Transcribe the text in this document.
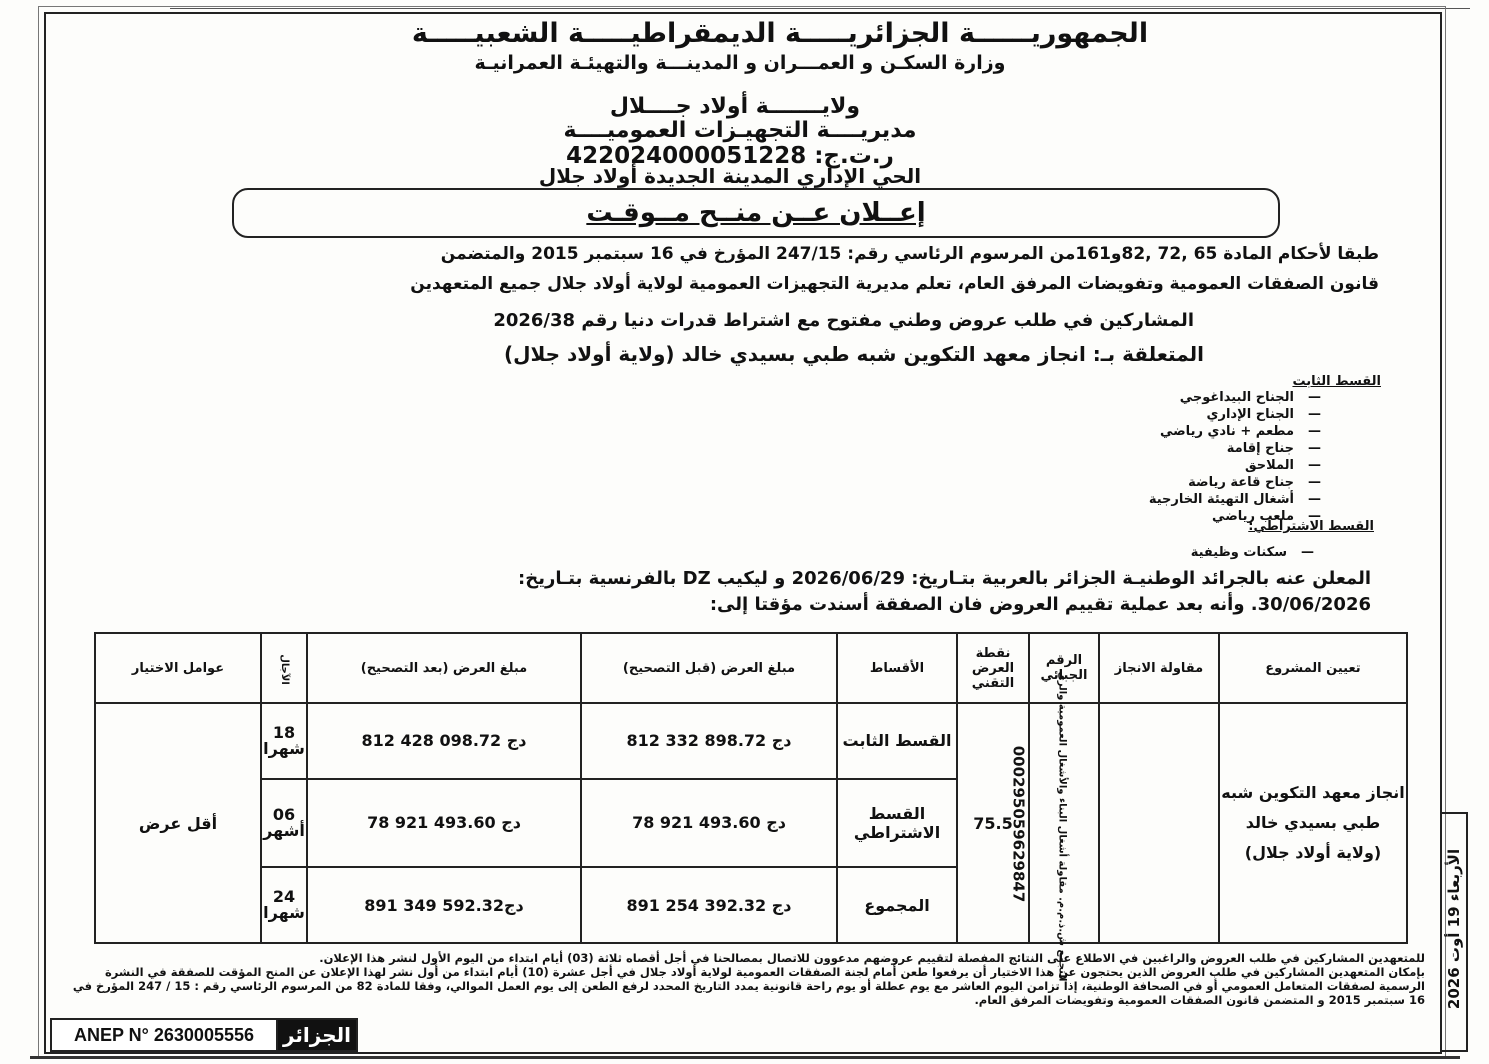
الجمهوريــــــة الجزائريـــــة الديمقراطيـــــة الشعبيـــــة
وزارة السكـن و العمـــران و المدينـــة والتهيئـة العمرانيـة
ولايـــــــة أولاد جــــلال
مديريــــة التجهيـزات العموميــــة
ر.ت.ج: 422024000051228
الحي الإداري المدينة الجديدة أولاد جلال
إعــلان عــن منــح مــوقـت
طبقا لأحكام المادة 65 ,72 ,82و161من المرسوم الرئاسي رقم: 247/15 المؤرخ في 16 سبتمبر 2015 والمتضمن
قانون الصفقات العمومية وتفويضات المرفق العام، تعلم مديرية التجهيزات العمومية لولاية أولاد جلال جميع المتعهدين
المشاركين في طلب عروض وطني مفتوح مع اشتراط قدرات دنيا رقم 2026/38
المتعلقة بـ: انجاز معهد التكوين شبه طبي بسيدي خالد (ولاية أولاد جلال)
القسط الثابت
— الجناح البيداغوجي
— الجناح الإداري
— مطعم + نادي رياضي
— جناح إقامة
— الملاحق
— جناح قاعة رياضة
— أشغال التهيئة الخارجية
— ملعب رياضي
القسط الاشتراطي:
— سكنات وظيفية
المعلن عنه بالجرائد الوطنيـة الجزائر بالعربية بتـاريخ: 2026/06/29 و ليكيب DZ بالفرنسية بتـاريخ:
30/06/2026. وأنه بعد عملية تقييم العروض فان الصفقة أسندت مؤقتا إلى:
تعيين المشروع	مقاولة الانجاز	الرقم الجبائي	نقطة العرض التقني	الأقساط	مبلغ العرض (قبل التصحيح)	مبلغ العرض (بعد التصحيح)	الآجال	عوامل الاختيار
انجاز معهد التكوين شبه طبي بسيدي خالد (ولاية أولاد جلال)	التجمع ش.ذ.م.م. مقاولة أشغال البناء والأشغال العمومية والري	000295059629847	75.5	القسط الثابت	812 332 898.72 دج	812 428 098.72 دج	18 شهرا	أقل عرض
				القسط الاشتراطي	78 921 493.60 دج	78 921 493.60 دج	06 أشهر	
				المجموع	891 254 392.32 دج	891 349 592.32دج	24 شهرا	
للمتعهدين المشاركين في طلب العروض والراغبين في الاطلاع على النتائج المفصلة لتقييم عروضهم مدعوون للاتصال بمصالحنا في أجل أقصاه ثلاثة (03) أيام ابتداء من اليوم الأول لنشر هذا الإعلان.
بإمكان المتعهدين المشاركين في طلب العروض الذين يحتجون عن هذا الاختيار أن يرفعوا طعن أمام لجنة الصفقات العمومية لولاية أولاد جلال في أجل عشرة (10) أيام ابتداء من أول نشر لهذا الإعلان عن المنح المؤقت للصفقة في النشرة الرسمية لصفقات المتعامل العمومي أو في الصحافة الوطنية، إذا تزامن اليوم العاشر مع يوم عطلة أو يوم راحة قانونية يمدد التاريخ المحدد لرفع الطعن إلى يوم العمل الموالي، وفقا للمادة 82 من المرسوم الرئاسي رقم : 15 / 247 المؤرخ في 16 سبتمبر 2015 و المتضمن قانون الصفقات العمومية وتفويضات المرفق العام.
ANEP N° 2630005556	الجزائر
الأربعاء 19 أوت 2026
